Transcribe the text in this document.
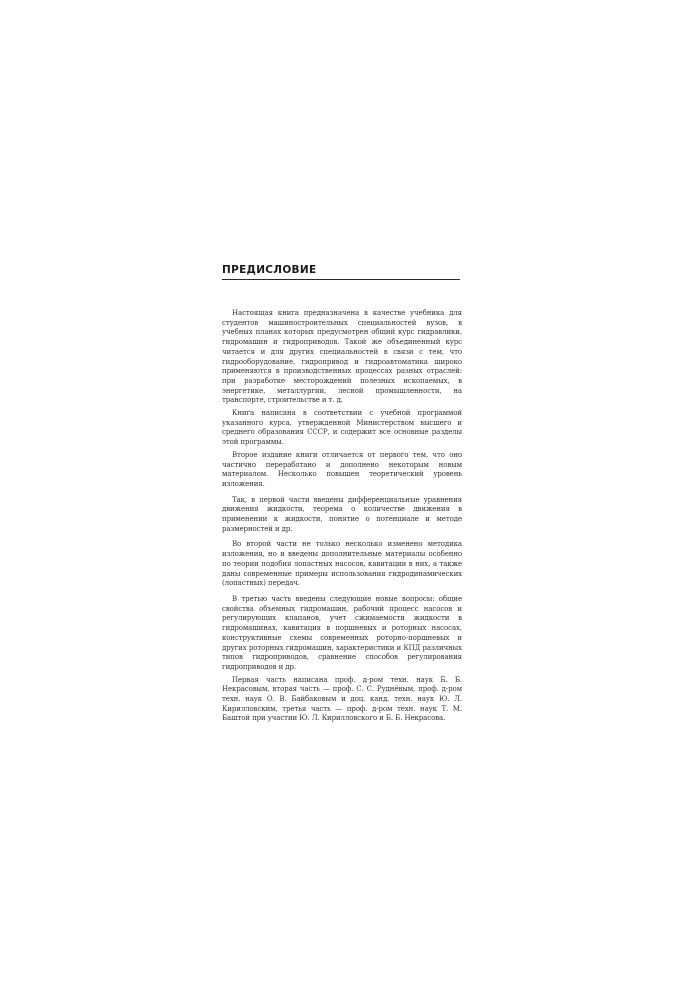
ПРЕДИСЛОВИЕ

Настоящая книга предназначена в качестве учебника для студентов машиностроительных специальностей вузов, в учебных планах которых предусмотрен общий курс гидравлики, гидромашин и гидроприводов. Такой же объединенный курс читается и для других специальностей в связи с тем, что гидрооборудование, гидропривод и гидроавтоматика широко применяются в производственных процессах разных отраслей: при разработке месторождений полезных ископаемых, в энергетике, металлургии, лесной промышленности, на транспорте, строительстве и т. д.

Книга написана в соответствии с учебной программой указанного курса, утвержденной Министерством высшего и среднего образования СССР, и содержит все основные разделы этой программы.

Второе издание книги отличается от первого тем, что оно частично переработано и дополнено некоторым новым материалом. Несколько повышен теоретический уровень изложения.

Так, в первой части введены дифференциальные уравнения движения жидкости, теорема о количестве движения в применении к жидкости, понятие о потенциале и методе размерностей и др.

Во второй части не только несколько изменено методика изложения, но и введены дополнительные материалы особенно по теории подобия лопастных насосов, кавитации в них, а также даны современные примеры использования гидродинамических (лопастных) передач.

В третью часть введены следующие новые вопросы: общие свойства объемных гидромашин, рабочий процесс насосов и регулирующих клапанов, учет сжимаемости жидкости в гидромашинах, кавитация в поршневых и роторных насосах, конструктивные схемы современных роторно-поршневых и других роторных гидромашин, характеристики и КПД различных типов гидроприводов, сравнение способов регулирования гидроприводов и др.

Первая часть написана проф. д-ром техн. наук Б. Б. Некрасовым, вторая часть — проф. С. С. Руднёвым, проф. д-ром техн. наук О. В. Байбаковым и доц. канд. техн. наук Ю. Л. Кирилловским, третья часть — проф. д-ром техн. наук Т. М. Баштой при участии Ю. Л. Кирилловского и Б. Б. Некрасова.
